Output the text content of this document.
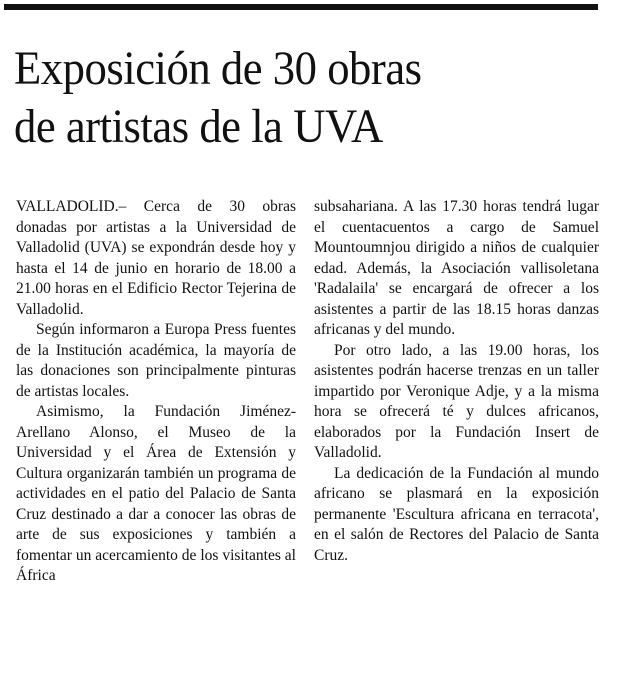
Exposición de 30 obras
de artistas de la UVA

VALLADOLID.– Cerca de 30 obras donadas por artistas a la Universidad de Valladolid (UVA) se expondrán desde hoy y hasta el 14 de junio en horario de 18.00 a 21.00 horas en el Edificio Rector Tejerina de Valladolid.

Según informaron a Europa Press fuentes de la Institución académica, la mayoría de las donaciones son principalmente pinturas de artistas locales.

Asimismo, la Fundación Jiménez-Arellano Alonso, el Museo de la Universidad y el Área de Extensión y Cultura organizarán también un programa de actividades en el patio del Palacio de Santa Cruz destinado a dar a conocer las obras de arte de sus exposiciones y también a fomentar un acercamiento de los visitantes al África

subsahariana. A las 17.30 horas tendrá lugar el cuentacuentos a cargo de Samuel Mountoumnjou dirigido a niños de cualquier edad. Además, la Asociación vallisoletana 'Radalaila' se encargará de ofrecer a los asistentes a partir de las 18.15 horas danzas africanas y del mundo.

Por otro lado, a las 19.00 horas, los asistentes podrán hacerse trenzas en un taller impartido por Veronique Adje, y a la misma hora se ofrecerá té y dulces africanos, elaborados por la Fundación Insert de Valladolid.

La dedicación de la Fundación al mundo africano se plasmará en la exposición permanente 'Escultura africana en terracota', en el salón de Rectores del Palacio de Santa Cruz.
